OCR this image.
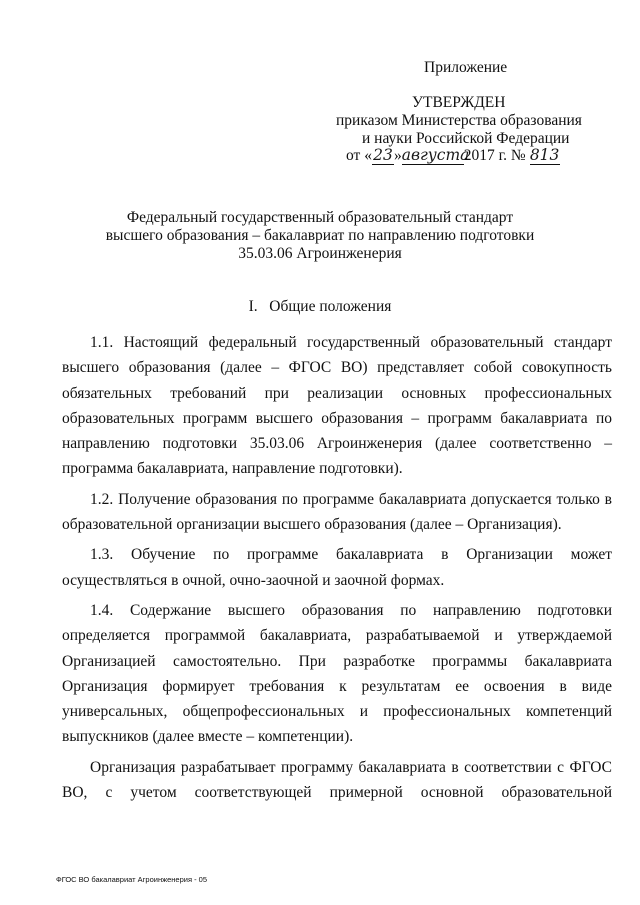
Приложение
УТВЕРЖДЕН
приказом Министерства образования
и науки Российской Федерации
от «23»августа2017 г. № 813
Федеральный государственный образовательный стандарт
высшего образования – бакалавриат по направлению подготовки
35.03.06 Агроинженерия
I. Общие положения

1.1. Настоящий федеральный государственный образовательный стандарт высшего образования (далее – ФГОС ВО) представляет собой совокупность обязательных требований при реализации основных профессиональных образовательных программ высшего образования – программ бакалавриата по направлению подготовки 35.03.06 Агроинженерия (далее соответственно – программа бакалавриата, направление подготовки).

1.2. Получение образования по программе бакалавриата допускается только в образовательной организации высшего образования (далее – Организация).

1.3. Обучение по программе бакалавриата в Организации может осуществляться в очной, очно-заочной и заочной формах.

1.4. Содержание высшего образования по направлению подготовки определяется программой бакалавриата, разрабатываемой и утверждаемой Организацией самостоятельно. При разработке программы бакалавриата Организация формирует требования к результатам ее освоения в виде универсальных, общепрофессиональных и профессиональных компетенций выпускников (далее вместе – компетенции).

Организация разрабатывает программу бакалавриата в соответствии с ФГОС ВО, с учетом соответствующей примерной основной образовательной

ФГОС ВО бакалавриат Агроинженерия - 05
